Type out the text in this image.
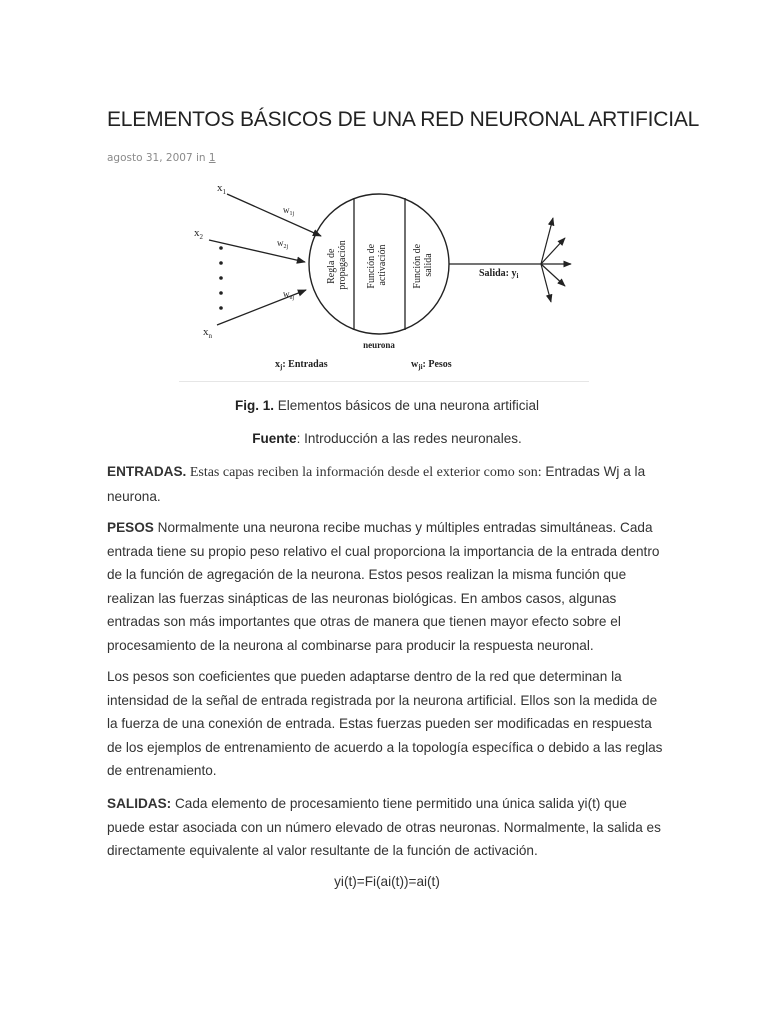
ELEMENTOS BÁSICOS DE UNA RED NEURONAL ARTIFICIAL
agosto 31, 2007 in 1
$x_1$
$x_2$
$x_n$
$w_{1j}$
$w_{2j}$
$w_{nj}$
Regla de propagación Función de activación Función de salida	Salida: $y_i$
neurona
$x_j$: Entradas	$w_{ji}$: Pesos
Fig. 1. Elementos básicos de una neurona artificial
Fuente: Introducción a las redes neuronales.

ENTRADAS. Estas capas reciben la información desde el exterior como son: Entradas Wj a la neurona.

PESOS Normalmente una neurona recibe muchas y múltiples entradas simultáneas. Cada entrada tiene su propio peso relativo el cual proporciona la importancia de la entrada dentro de la función de agregación de la neurona. Estos pesos realizan la misma función que realizan las fuerzas sinápticas de las neuronas biológicas. En ambos casos, algunas entradas son más importantes que otras de manera que tienen mayor efecto sobre el procesamiento de la neurona al combinarse para producir la respuesta neuronal.

Los pesos son coeficientes que pueden adaptarse dentro de la red que determinan la intensidad de la señal de entrada registrada por la neurona artificial. Ellos son la medida de la fuerza de una conexión de entrada. Estas fuerzas pueden ser modificadas en respuesta de los ejemplos de entrenamiento de acuerdo a la topología específica o debido a las reglas de entrenamiento.

SALIDAS: Cada elemento de procesamiento tiene permitido una única salida yi(t) que puede estar asociada con un número elevado de otras neuronas. Normalmente, la salida es directamente equivalente al valor resultante de la función de activación.

yi(t)=Fi(ai(t))=ai(t)
